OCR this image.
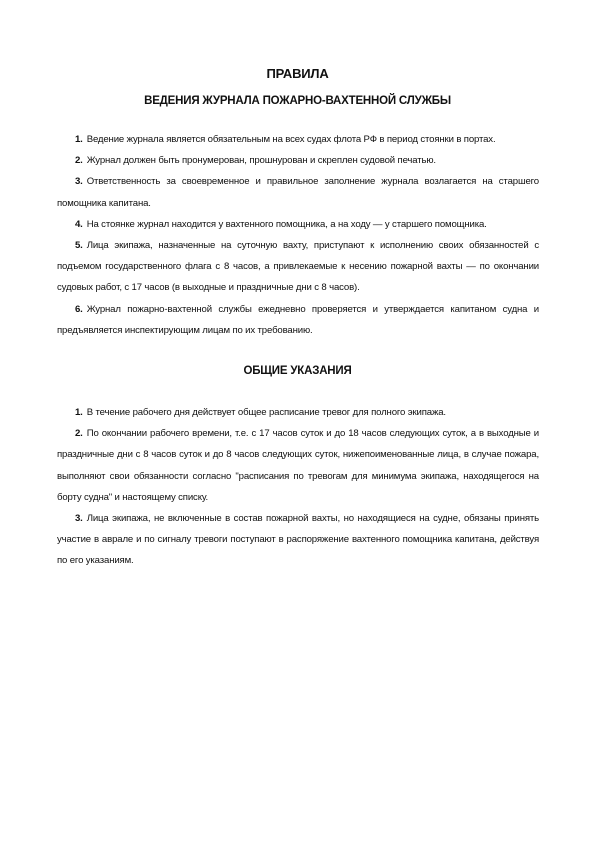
ПРАВИЛА
ВЕДЕНИЯ ЖУРНАЛА ПОЖАРНО-ВАХТЕННОЙ СЛУЖБЫ
1. Ведение журнала является обязательным на всех судах флота РФ в период стоянки в портах.
2. Журнал должен быть пронумерован, прошнурован и скреплен судовой печатью.
3. Ответственность за своевременное и правильное заполнение журнала возлагается на старшего помощника капитана.
4. На стоянке журнал находится у вахтенного помощника, а на ходу — у старшего помощника.
5. Лица экипажа, назначенные на суточную вахту, приступают к исполнению своих обязанностей с подъемом государственного флага с 8 часов, а привлекаемые к несению пожарной вахты — по окончании судовых работ, с 17 часов (в выходные и праздничные дни с 8 часов).
6. Журнал пожарно-вахтенной службы ежедневно проверяется и утверждается капитаном судна и предъявляется инспектирующим лицам по их требованию.
ОБЩИЕ УКАЗАНИЯ
1. В течение рабочего дня действует общее расписание тревог для полного экипажа.
2. По окончании рабочего времени, т.е. с 17 часов суток и до 18 часов следующих суток, а в выходные и праздничные дни с 8 часов суток и до 8 часов следующих суток, нижепоименованные лица, в случае пожара, выполняют свои обязанности согласно "расписания по тревогам для минимума экипажа, находящегося на борту судна" и настоящему списку.
3. Лица экипажа, не включенные в состав пожарной вахты, но находящиеся на судне, обязаны принять участие в аврале и по сигналу тревоги поступают в распоряжение вахтенного помощника капитана, действуя по его указаниям.
